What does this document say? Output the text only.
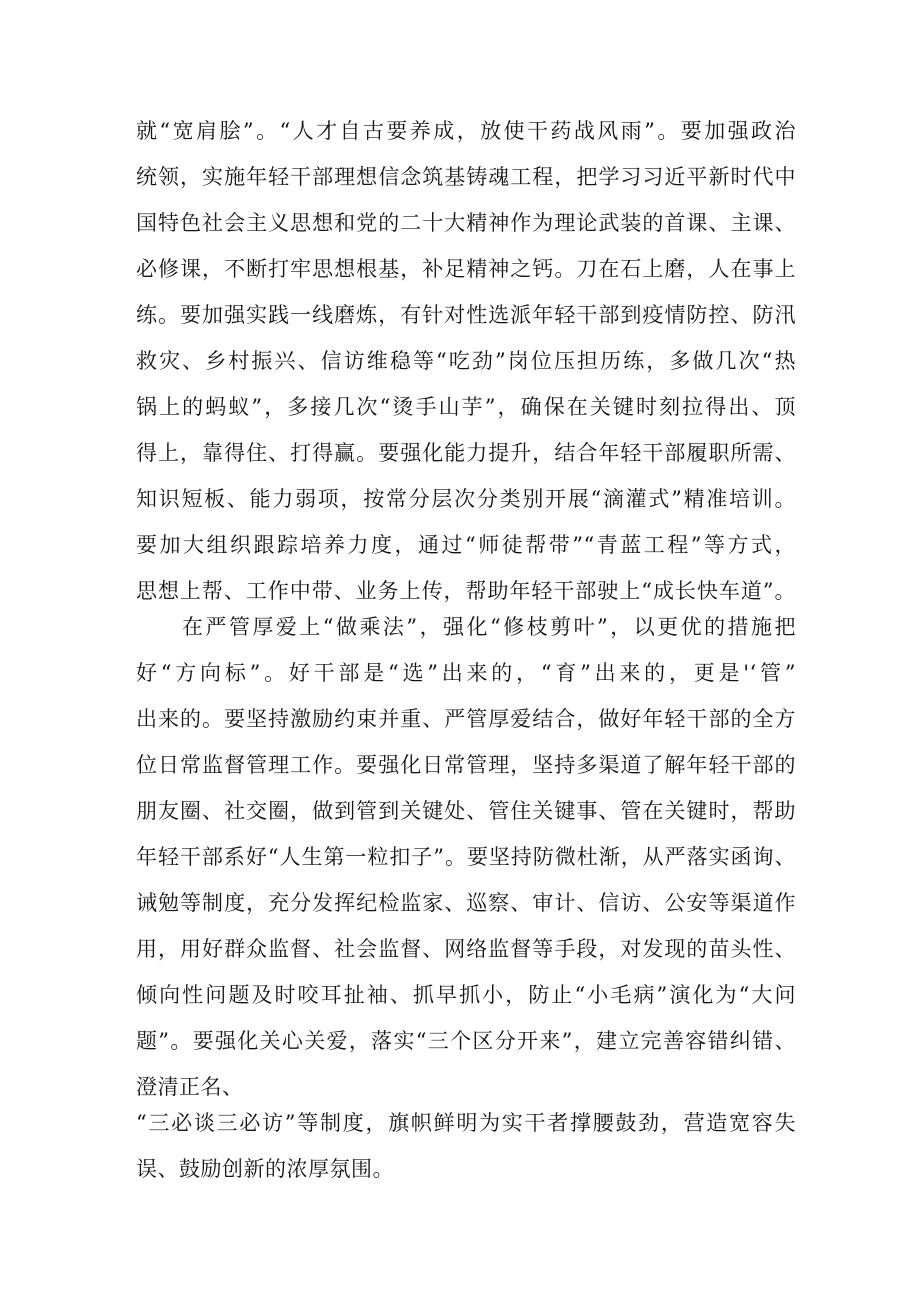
就“宽肩脍”。“人才自古要养成，放使干药战风雨”。要加强政治
统领，实施年轻干部理想信念筑基铸魂工程，把学习习近平新时代中
国特色社会主义思想和党的二十大精神作为理论武装的首课、主课、
必修课，不断打牢思想根基，补足精神之钙。刀在石上磨，人在事上
练。要加强实践一线磨炼，有针对性选派年轻干部到疫情防控、防汛
救灾、乡村振兴、信访维稳等“吃劲”岗位压担历练，多做几次“热
锅上的蚂蚁”，多接几次“烫手山芋”，确保在关键时刻拉得出、顶
得上，靠得住、打得赢。要强化能力提升，结合年轻干部履职所需、
知识短板、能力弱项，按常分层次分类别开展“滴灌式”精准培训。
要加大组织跟踪培养力度，通过“师徒帮带”“青蓝工程”等方式，
思想上帮、工作中带、业务上传，帮助年轻干部驶上“成长快车道”。
在严管厚爱上“做乘法”，强化“修枝剪叶”，以更优的措施把
好“方向标”。好干部是“选”出来的，“育”出来的，更是'‘管”
出来的。要坚持激励约束并重、严管厚爱结合，做好年轻干部的全方
位日常监督管理工作。要强化日常管理，坚持多渠道了解年轻干部的
朋友圈、社交圈，做到管到关键处、管住关键事、管在关键时，帮助
年轻干部系好“人生第一粒扣子”。要坚持防微杜渐，从严落实函询、
诫勉等制度，充分发挥纪检监家、巡察、审计、信访、公安等渠道作
用，用好群众监督、社会监督、网络监督等手段，对发现的苗头性、
倾向性问题及时咬耳扯袖、抓早抓小，防止“小毛病”演化为“大问
题”。要强化关心关爱，落实“三个区分开来”，建立完善容错纠错、
澄清正名、
“三必谈三必访”等制度，旗帜鲜明为实干者撑腰鼓劲，营造宽容失
误、鼓励创新的浓厚氛围。
